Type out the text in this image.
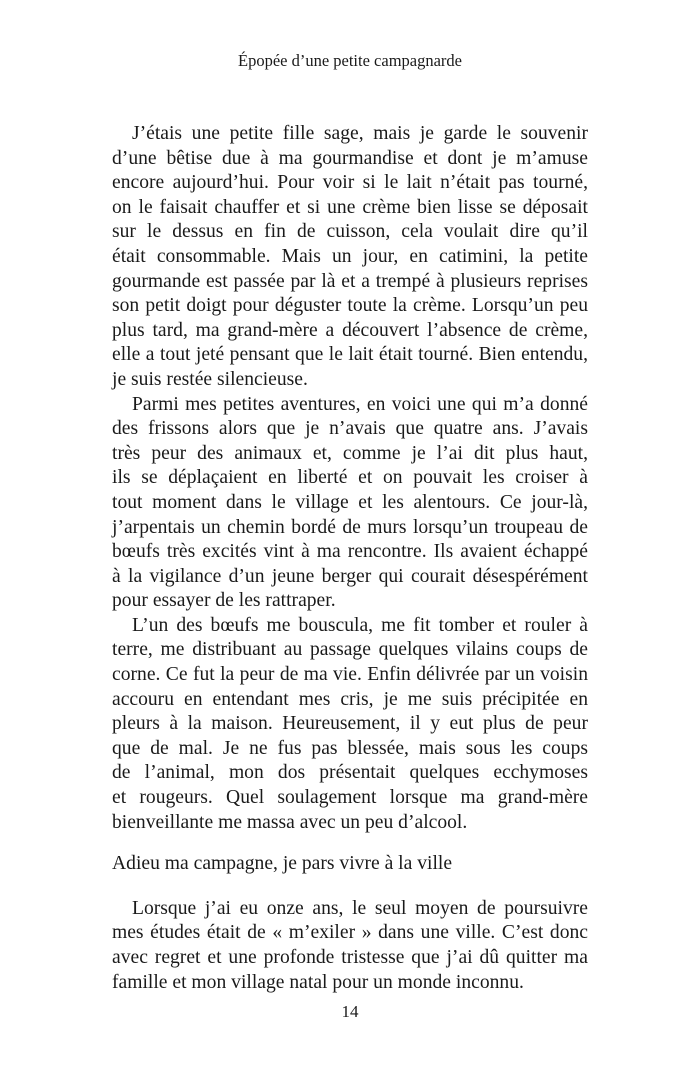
Épopée d’une petite campagnarde
J’étais une petite fille sage, mais je garde le souvenir
d’une bêtise due à ma gourmandise et dont je m’amuse
encore aujourd’hui. Pour voir si le lait n’était pas tourné,
on le faisait chauffer et si une crème bien lisse se déposait
sur le dessus en fin de cuisson, cela voulait dire qu’il
était consommable. Mais un jour, en catimini, la petite
gourmande est passée par là et a trempé à plusieurs reprises
son petit doigt pour déguster toute la crème. Lorsqu’un peu
plus tard, ma grand-mère a découvert l’absence de crème,
elle a tout jeté pensant que le lait était tourné. Bien entendu,
je suis restée silencieuse.
Parmi mes petites aventures, en voici une qui m’a donné
des frissons alors que je n’avais que quatre ans. J’avais
très peur des animaux et, comme je l’ai dit plus haut,
ils se déplaçaient en liberté et on pouvait les croiser à
tout moment dans le village et les alentours. Ce jour-là,
j’arpentais un chemin bordé de murs lorsqu’un troupeau de
bœufs très excités vint à ma rencontre. Ils avaient échappé
à la vigilance d’un jeune berger qui courait désespérément
pour essayer de les rattraper.
L’un des bœufs me bouscula, me fit tomber et rouler à
terre, me distribuant au passage quelques vilains coups de
corne. Ce fut la peur de ma vie. Enfin délivrée par un voisin
accouru en entendant mes cris, je me suis précipitée en
pleurs à la maison. Heureusement, il y eut plus de peur
que de mal. Je ne fus pas blessée, mais sous les coups
de l’animal, mon dos présentait quelques ecchymoses
et rougeurs. Quel soulagement lorsque ma grand-mère
bienveillante me massa avec un peu d’alcool.
Adieu ma campagne, je pars vivre à la ville
Lorsque j’ai eu onze ans, le seul moyen de poursuivre
mes études était de « m’exiler » dans une ville. C’est donc
avec regret et une profonde tristesse que j’ai dû quitter ma
famille et mon village natal pour un monde inconnu.
14
